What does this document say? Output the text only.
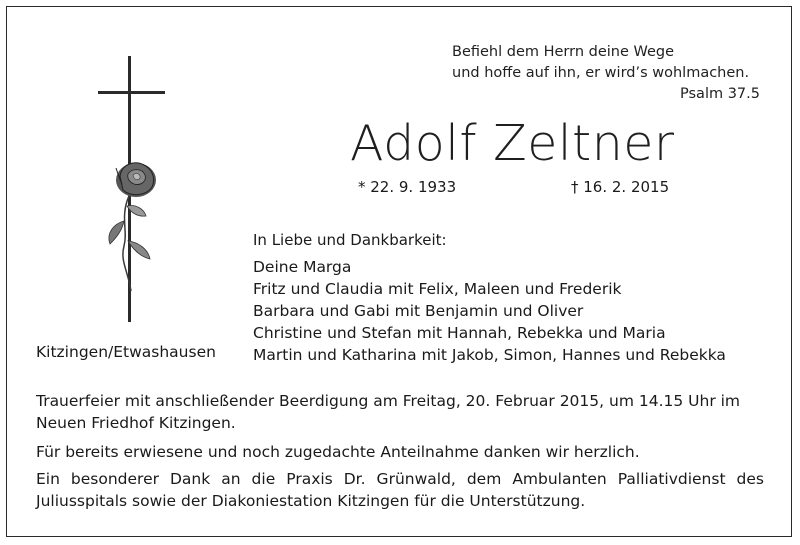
Befiehl dem Herrn deine Wege
und hoffe auf ihn, er wird’s wohlmachen.
Psalm 37.5
Adolf Zeltner
* 22. 9. 1933	† 16. 2. 2015
In Liebe und Dankbarkeit:
Deine Marga
Fritz und Claudia mit Felix, Maleen und Frederik
Barbara und Gabi mit Benjamin und Oliver
Christine und Stefan mit Hannah, Rebekka und Maria
Martin und Katharina mit Jakob, Simon, Hannes und Rebekka
Kitzingen/Etwashausen
Trauerfeier mit anschließender Beerdigung am Freitag, 20. Februar 2015, um 14.15 Uhr im Neuen Friedhof Kitzingen.
Für bereits erwiesene und noch zugedachte Anteilnahme danken wir herzlich.
Ein besonderer Dank an die Praxis Dr. Grünwald, dem Ambulanten Palliativdienst des Juliusspitals sowie der Diakoniestation Kitzingen für die Unterstützung.
